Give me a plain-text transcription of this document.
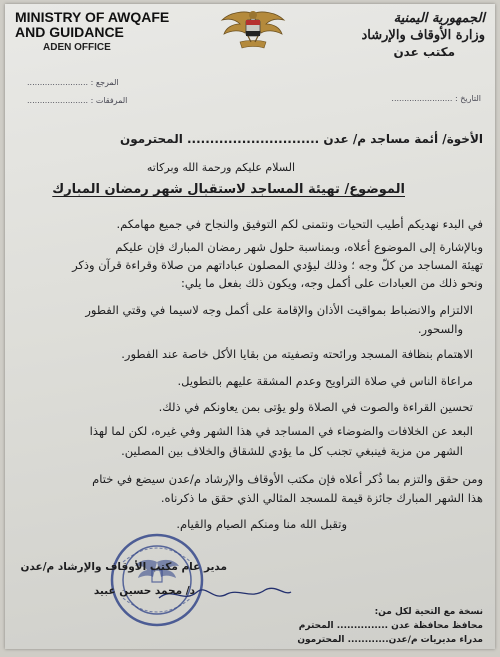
MINISTRY OF AWQAFE
AND GUIDANCE
ADEN OFFICE
الجمهورية اليمنية
وزارة الأوقاف والإرشاد
مكتب عدن
المرجع : ........................
المرفقات : ........................	التاريخ : ........................
الأخوة/ أئمة مساجد م/ عدن ............................. المحترمون
السلام عليكم ورحمة الله وبركاته
الموضوع/ تهيئة المساجد لاستقبال شهر رمضان المبارك
في البدء نهديكم أطيب التحيات ونتمنى لكم التوفيق والنجاح في جميع مهامكم.
وبالإشارة إلى الموضوع أعلاه، وبمناسبة حلول شهر رمضان المبارك فإن عليكم
تهيئة المساجد من كلّ وجه ؛ وذلك ليؤدي المصلون عباداتهم من صلاة وقراءة قرآن وذكر
ونحو ذلك من العبادات على أكمل وجه، ويكون ذلك بفعل ما يلي:
الالتزام والانضباط بمواقيت الأذان والإقامة على أكمل وجه لاسيما في وقتي الفطور
والسحور.
الاهتمام بنظافة المسجد ورائحته وتصفيته من بقايا الأكل خاصة عند الفطور.
مراعاة الناس في صلاة التراويح وعدم المشقة عليهم بالتطويل.
تحسين القراءة والصوت في الصلاة ولو يؤتى بمن يعاونكم في ذلك.
البعد عن الخلافات والضوضاء في المساجد في هذا الشهر وفي غيره، لكن لما لهذا
الشهر من مزية فينبغي تجنب كل ما يؤدي للشقاق والخلاف بين المصلين.
ومن حقق والتزم بما ذُكر أعلاه فإن مكتب الأوقاف والإرشاد م/عدن سيضع في ختام
هذا الشهر المبارك جائزة قيمة للمسجد المثالي الذي حقق ما ذكرناه.
وتقبل الله منا ومنكم الصيام والقيام.
مدير عام مكتب الأوقاف والإرشاد م/عدن
د/ محمد حسين عبيد
نسخة مع التحية لكل من:
محافظ محافظة عدن ............... المحترم
مدراء مديريات م/عدن............ المحترمون
